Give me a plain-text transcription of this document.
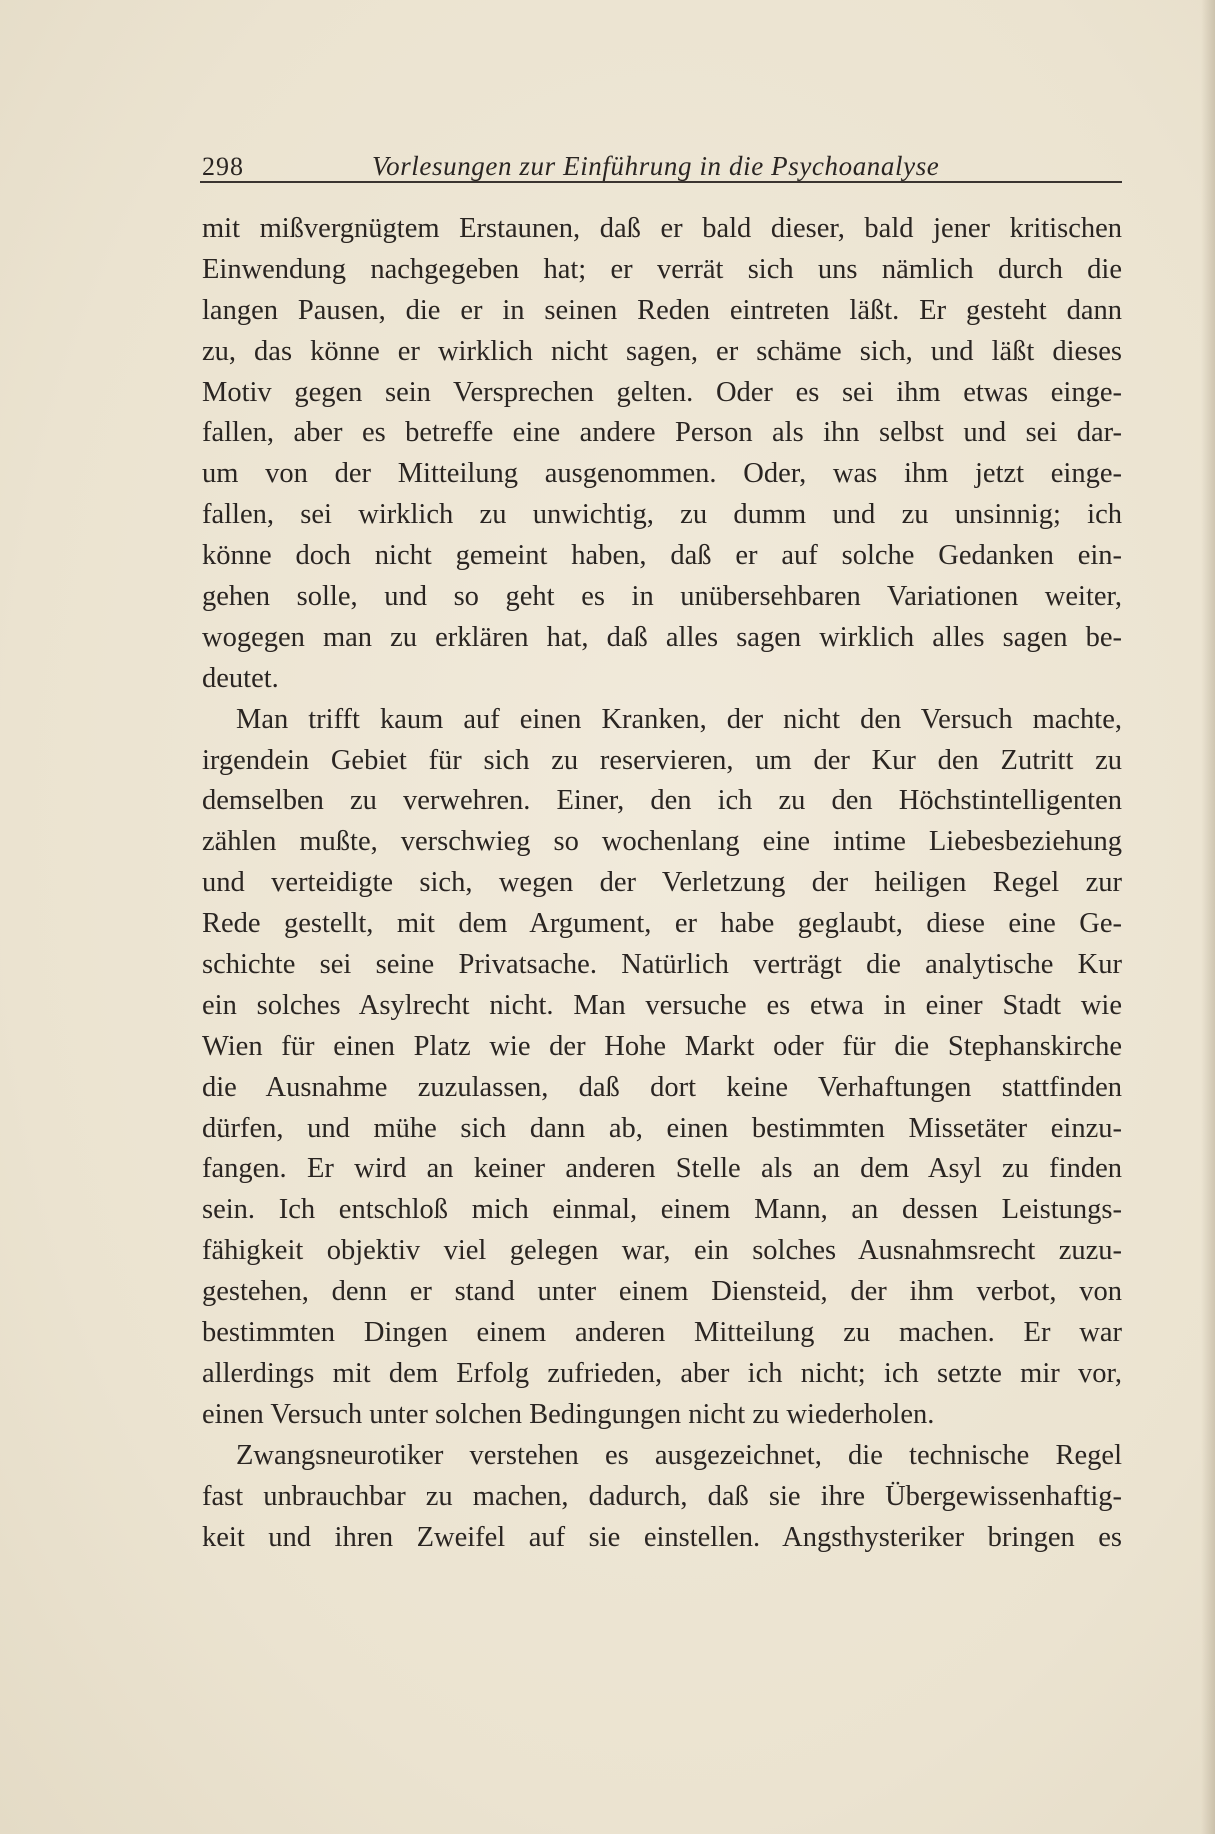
298	Vorlesungen zur Einführung in die Psychoanalyse
mit mißvergnügtem Erstaunen, daß er bald dieser, bald jener kritischen
Einwendung nachgegeben hat; er verrät sich uns nämlich durch die
langen Pausen, die er in seinen Reden eintreten läßt. Er gesteht dann
zu, das könne er wirklich nicht sagen, er schäme sich, und läßt dieses
Motiv gegen sein Versprechen gelten. Oder es sei ihm etwas einge-
fallen, aber es betreffe eine andere Person als ihn selbst und sei dar-
um von der Mitteilung ausgenommen. Oder, was ihm jetzt einge-
fallen, sei wirklich zu unwichtig, zu dumm und zu unsinnig; ich
könne doch nicht gemeint haben, daß er auf solche Gedanken ein-
gehen solle, und so geht es in unübersehbaren Variationen weiter,
wogegen man zu erklären hat, daß alles sagen wirklich alles sagen be-
deutet.
Man trifft kaum auf einen Kranken, der nicht den Versuch machte,
irgendein Gebiet für sich zu reservieren, um der Kur den Zutritt zu
demselben zu verwehren. Einer, den ich zu den Höchstintelligenten
zählen mußte, verschwieg so wochenlang eine intime Liebesbeziehung
und verteidigte sich, wegen der Verletzung der heiligen Regel zur
Rede gestellt, mit dem Argument, er habe geglaubt, diese eine Ge-
schichte sei seine Privatsache. Natürlich verträgt die analytische Kur
ein solches Asylrecht nicht. Man versuche es etwa in einer Stadt wie
Wien für einen Platz wie der Hohe Markt oder für die Stephanskirche
die Ausnahme zuzulassen, daß dort keine Verhaftungen stattfinden
dürfen, und mühe sich dann ab, einen bestimmten Missetäter einzu-
fangen. Er wird an keiner anderen Stelle als an dem Asyl zu finden
sein. Ich entschloß mich einmal, einem Mann, an dessen Leistungs-
fähigkeit objektiv viel gelegen war, ein solches Ausnahmsrecht zuzu-
gestehen, denn er stand unter einem Diensteid, der ihm verbot, von
bestimmten Dingen einem anderen Mitteilung zu machen. Er war
allerdings mit dem Erfolg zufrieden, aber ich nicht; ich setzte mir vor,
einen Versuch unter solchen Bedingungen nicht zu wiederholen.
Zwangsneurotiker verstehen es ausgezeichnet, die technische Regel
fast unbrauchbar zu machen, dadurch, daß sie ihre Übergewissenhaftig-
keit und ihren Zweifel auf sie einstellen. Angsthysteriker bringen es
